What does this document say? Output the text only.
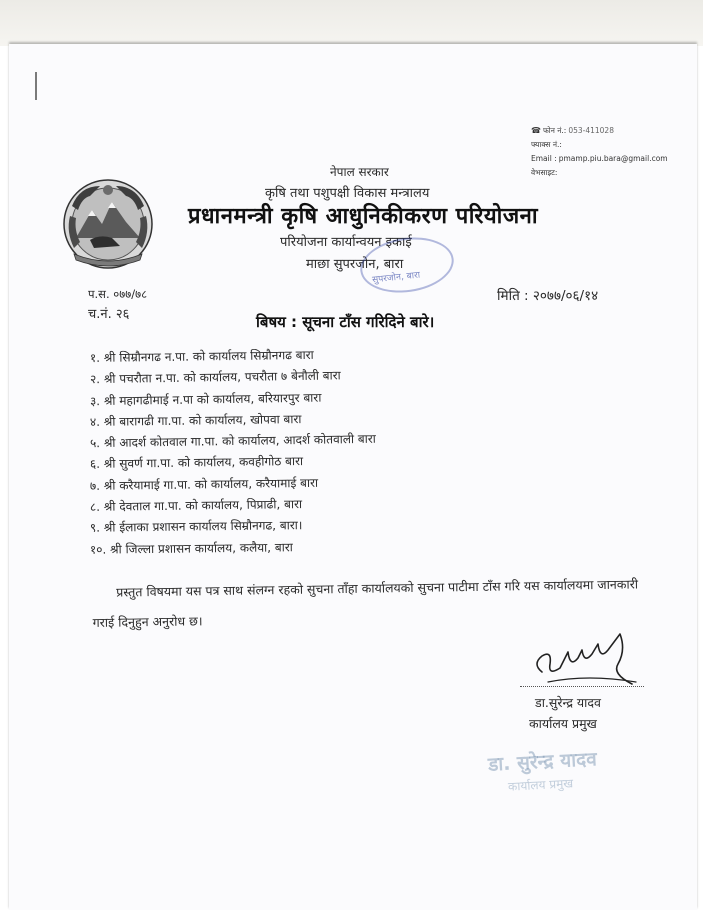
☎ फोन नं.: 053-411028
फ्याक्स नं.:
Email : pmamp.piu.bara@gmail.com
वेभसाइट:
नेपाल सरकार
कृषि तथा पशुपक्षी विकास मन्त्रालय
प्रधानमन्त्री कृषि आधुनिकीकरण परियोजना
परियोजना कार्यान्वयन इकाई
माछा सुपरजोन, बारा
सुपरजोन, बारा
प.स. ०७७/७८
च.नं. २६
मिति : २०७७/०६/१४
बिषय : सूचना टाँस गरिदिने बारे।
१. श्री सिम्रौनगढ न.पा. को कार्यालय सिम्रौनगढ बारा
२. श्री पचरौता न.पा. को कार्यालय, पचरौता ७ बेनौली बारा
३. श्री महागढीमाई न.पा को कार्यालय, बरियारपुर बारा
४. श्री बारागढी गा.पा. को कार्यालय, खोपवा बारा
५. श्री आदर्श कोतवाल गा.पा. को कार्यालय, आदर्श कोतवाली बारा
६. श्री सुवर्ण गा.पा. को कार्यालय, कवहीगोठ बारा
७. श्री करैयामाई गा.पा. को कार्यालय, करैयामाई बारा
८. श्री देवताल गा.पा. को कार्यालय, पिप्राढी, बारा
९. श्री ईलाका प्रशासन कार्यालय सिम्रौनगढ, बारा।
१०. श्री जिल्ला प्रशासन कार्यालय, कलैया, बारा
प्रस्तुत विषयमा यस पत्र साथ संलग्न रहको सुचना ताँहा कार्यालयको सुचना पाटीमा टाँस गरि यस कार्यालयमा जानकारी गराई दिनुहुन अनुरोध छ।
डा.सुरेन्द्र यादव
कार्यालय प्रमुख
डा. सुरेन्द्र यादव
कार्यालय प्रमुख
